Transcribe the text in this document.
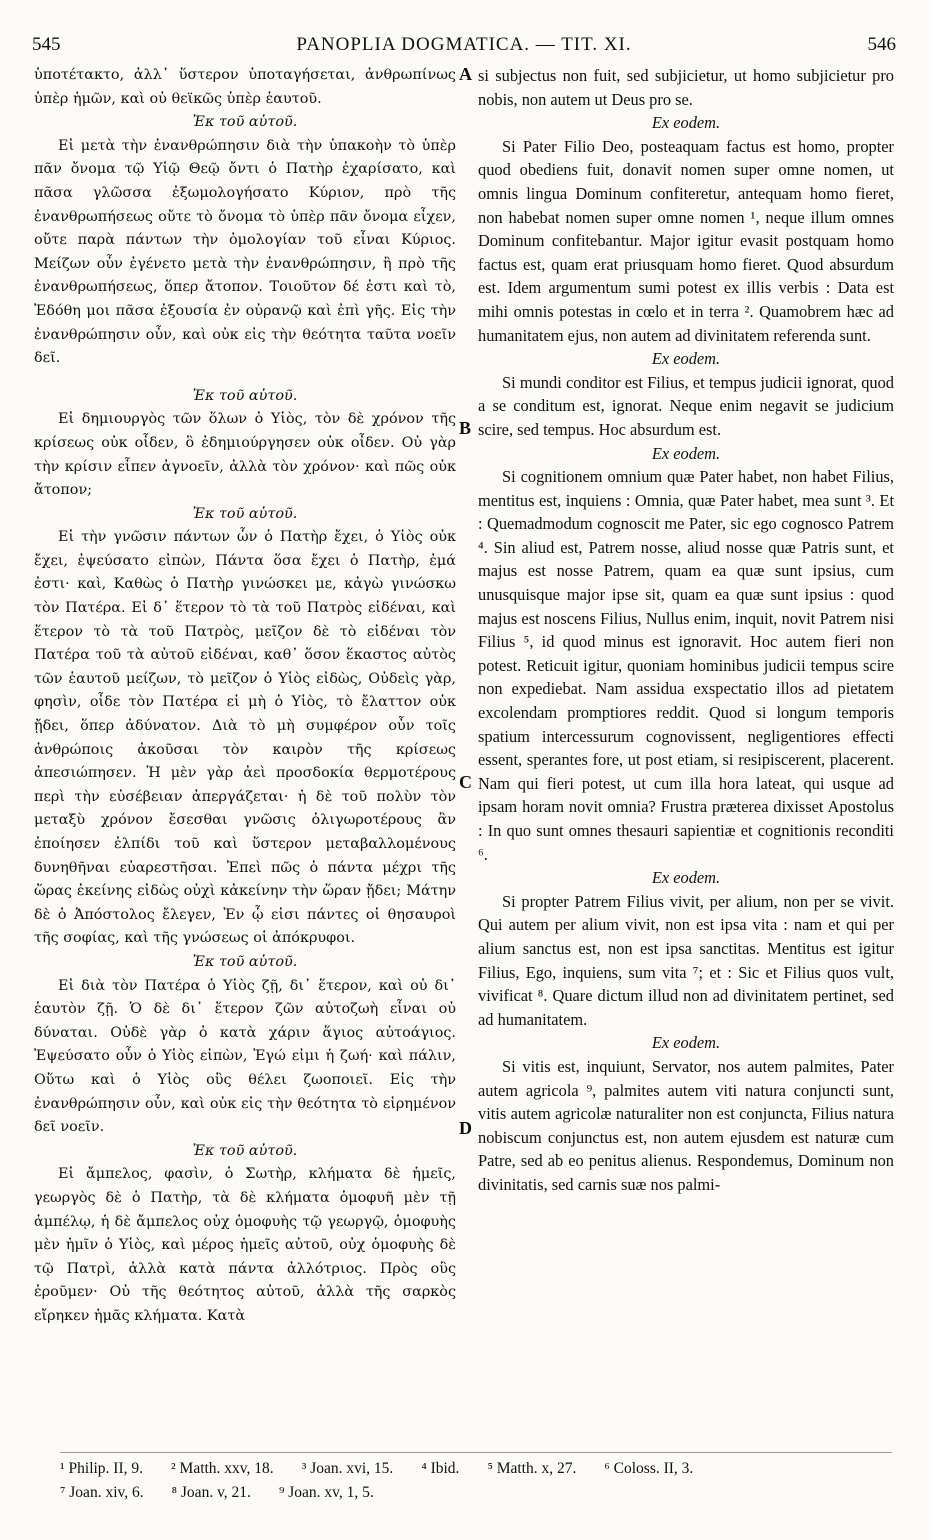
545	PANOPLIA DOGMATICA. — TIT. XI.	546

ὑποτέτακτο, ἀλλ᾽ ὕστερον ὑποταγήσεται, ἀνθρωπίνως ὑπὲρ ἡμῶν, καὶ οὐ θεϊκῶς ὑπὲρ ἑαυτοῦ.

Ἐκ τοῦ αὐτοῦ.

Εἰ μετὰ τὴν ἐνανθρώπησιν διὰ τὴν ὑπακοὴν τὸ ὑπὲρ πᾶν ὄνομα τῷ Υἱῷ Θεῷ ὄντι ὁ Πατὴρ ἐχαρίσατο, καὶ πᾶσα γλῶσσα ἐξωμολογήσατο Κύριον, πρὸ τῆς ἐνανθρωπήσεως οὔτε τὸ ὄνομα τὸ ὑπὲρ πᾶν ὄνομα εἶχεν, οὔτε παρὰ πάντων τὴν ὁμολογίαν τοῦ εἶναι Κύριος. Μείζων οὖν ἐγένετο μετὰ τὴν ἐνανθρώπησιν, ἢ πρὸ τῆς ἐνανθρωπήσεως, ὅπερ ἄτοπον. Τοιοῦτον δέ ἐστι καὶ τὸ, Ἐδόθη μοι πᾶσα ἐξουσία ἐν οὐρανῷ καὶ ἐπὶ γῆς. Εἰς τὴν ἐνανθρώπησιν οὖν, καὶ οὐκ εἰς τὴν θεότητα ταῦτα νοεῖν δεῖ.

Ἐκ τοῦ αὐτοῦ.

Εἰ δημιουργὸς τῶν ὅλων ὁ Υἱὸς, τὸν δὲ χρόνον τῆς κρίσεως οὐκ οἶδεν, ὃ ἐδημιούργησεν οὐκ οἶδεν. Οὐ γὰρ τὴν κρίσιν εἶπεν ἀγνοεῖν, ἀλλὰ τὸν χρόνον· καὶ πῶς οὐκ ἄτοπον;

Ἐκ τοῦ αὐτοῦ.

Εἰ τὴν γνῶσιν πάντων ὧν ὁ Πατὴρ ἔχει, ὁ Υἱὸς οὐκ ἔχει, ἐψεύσατο εἰπὼν, Πάντα ὅσα ἔχει ὁ Πατὴρ, ἐμά ἐστι· καὶ, Καθὼς ὁ Πατὴρ γινώσκει με, κἀγὼ γινώσκω τὸν Πατέρα. Εἰ δ᾽ ἕτερον τὸ τὰ τοῦ Πατρὸς εἰδέναι, καὶ ἕτερον τὸ τὰ τοῦ Πατρὸς, μεῖζον δὲ τὸ εἰδέναι τὸν Πατέρα τοῦ τὰ αὐτοῦ εἰδέναι, καθ᾽ ὅσον ἕκαστος αὐτὸς τῶν ἑαυτοῦ μείζων, τὸ μεῖζον ὁ Υἱὸς εἰδὼς, Οὐδεὶς γὰρ, φησὶν, οἶδε τὸν Πατέρα εἰ μὴ ὁ Υἱὸς, τὸ ἔλαττον οὐκ ᾔδει, ὅπερ ἀδύνατον. Διὰ τὸ μὴ συμφέρον οὖν τοῖς ἀνθρώποις ἀκοῦσαι τὸν καιρὸν τῆς κρίσεως ἀπεσιώπησεν. Ἡ μὲν γὰρ ἀεὶ προσδοκία θερμοτέρους περὶ τὴν εὐσέβειαν ἀπεργάζεται· ἡ δὲ τοῦ πολὺν τὸν μεταξὺ χρόνον ἔσεσθαι γνῶσις ὀλιγωροτέρους ἂν ἐποίησεν ἐλπίδι τοῦ καὶ ὕστερον μεταβαλλομένους δυνηθῆναι εὐαρεστῆσαι. Ἐπεὶ πῶς ὁ πάντα μέχρι τῆς ὥρας ἐκείνης εἰδὼς οὐχὶ κἀκείνην τὴν ὥραν ᾔδει; Μάτην δὲ ὁ Ἀπόστολος ἔλεγεν, Ἐν ᾧ εἰσι πάντες οἱ θησαυροὶ τῆς σοφίας, καὶ τῆς γνώσεως οἱ ἀπόκρυφοι.

Ἐκ τοῦ αὐτοῦ.

Εἰ διὰ τὸν Πατέρα ὁ Υἱὸς ζῇ, δι᾽ ἕτερον, καὶ οὐ δι᾽ ἑαυτὸν ζῇ. Ὁ δὲ δι᾽ ἕτερον ζῶν αὐτοζωὴ εἶναι οὐ δύναται. Οὐδὲ γὰρ ὁ κατὰ χάριν ἅγιος αὐτοάγιος. Ἐψεύσατο οὖν ὁ Υἱὸς εἰπὼν, Ἐγώ εἰμι ἡ ζωή· καὶ πάλιν, Οὕτω καὶ ὁ Υἱὸς οὓς θέλει ζωοποιεῖ. Εἰς τὴν ἐνανθρώπησιν οὖν, καὶ οὐκ εἰς τὴν θεότητα τὸ εἰρημένον δεῖ νοεῖν.

Ἐκ τοῦ αὐτοῦ.

Εἰ ἄμπελος, φασὶν, ὁ Σωτὴρ, κλήματα δὲ ἡμεῖς, γεωργὸς δὲ ὁ Πατὴρ, τὰ δὲ κλήματα ὁμοφυῆ μὲν τῇ ἀμπέλῳ, ἡ δὲ ἄμπελος οὐχ ὁμοφυὴς τῷ γεωργῷ, ὁμοφυὴς μὲν ἡμῖν ὁ Υἱὸς, καὶ μέρος ἡμεῖς αὐτοῦ, οὐχ ὁμοφυὴς δὲ τῷ Πατρὶ, ἀλλὰ κατὰ πάντα ἀλλότριος. Πρὸς οὓς ἐροῦμεν· Οὐ τῆς θεότητος αὐτοῦ, ἀλλὰ τῆς σαρκὸς εἴρηκεν ἡμᾶς κλήματα. Κατὰ

si subjectus non fuit, sed subjicietur, ut homo subjicietur pro nobis, non autem ut Deus pro se.

Ex eodem.

Si Pater Filio Deo, posteaquam factus est homo, propter quod obediens fuit, donavit nomen super omne nomen, ut omnis lingua Dominum confiteretur, antequam homo fieret, non habebat nomen super omne nomen ¹, neque illum omnes Dominum confitebantur. Major igitur evasit postquam homo factus est, quam erat priusquam homo fieret. Quod absurdum est. Idem argumentum sumi potest ex illis verbis : Data est mihi omnis potestas in cœlo et in terra ². Quamobrem hæc ad humanitatem ejus, non autem ad divinitatem referenda sunt.

Ex eodem.

Si mundi conditor est Filius, et tempus judicii ignorat, quod a se conditum est, ignorat. Neque enim negavit se judicium scire, sed tempus. Hoc absurdum est.

Ex eodem.

Si cognitionem omnium quæ Pater habet, non habet Filius, mentitus est, inquiens : Omnia, quæ Pater habet, mea sunt ³. Et : Quemadmodum cognoscit me Pater, sic ego cognosco Patrem ⁴. Sin aliud est, Patrem nosse, aliud nosse quæ Patris sunt, et majus est nosse Patrem, quam ea quæ sunt ipsius, cum unusquisque major ipse sit, quam ea quæ sunt ipsius : quod majus est noscens Filius, Nullus enim, inquit, novit Patrem nisi Filius ⁵, id quod minus est ignoravit. Hoc autem fieri non potest. Reticuit igitur, quoniam hominibus judicii tempus scire non expediebat. Nam assidua exspectatio illos ad pietatem excolendam promptiores reddit. Quod si longum temporis spatium intercessurum cognovissent, negligentiores effecti essent, sperantes fore, ut post etiam, si resipiscerent, placerent. Nam qui fieri potest, ut cum illa hora lateat, qui usque ad ipsam horam novit omnia? Frustra præterea dixisset Apostolus : In quo sunt omnes thesauri sapientiæ et cognitionis reconditi ⁶.

Ex eodem.

Si propter Patrem Filius vivit, per alium, non per se vivit. Qui autem per alium vivit, non est ipsa vita : nam et qui per alium sanctus est, non est ipsa sanctitas. Mentitus est igitur Filius, Ego, inquiens, sum vita ⁷; et : Sic et Filius quos vult, vivificat ⁸. Quare dictum illud non ad divinitatem pertinet, sed ad humanitatem.

Ex eodem.

Si vitis est, inquiunt, Servator, nos autem palmites, Pater autem agricola ⁹, palmites autem viti natura conjuncti sunt, vitis autem agricolæ naturaliter non est conjuncta, Filius natura nobiscum conjunctus est, non autem ejusdem est naturæ cum Patre, sed ab eo penitus alienus. Respondemus, Dominum non divinitatis, sed carnis suæ nos palmi-

A
B
C
D
¹ Philip. II, 9. ² Matth. xxv, 18. ³ Joan. xvi, 15. ⁴ Ibid. ⁵ Matth. x, 27. ⁶ Coloss. II, 3.
⁷ Joan. xiv, 6. ⁸ Joan. v, 21. ⁹ Joan. xv, 1, 5.
